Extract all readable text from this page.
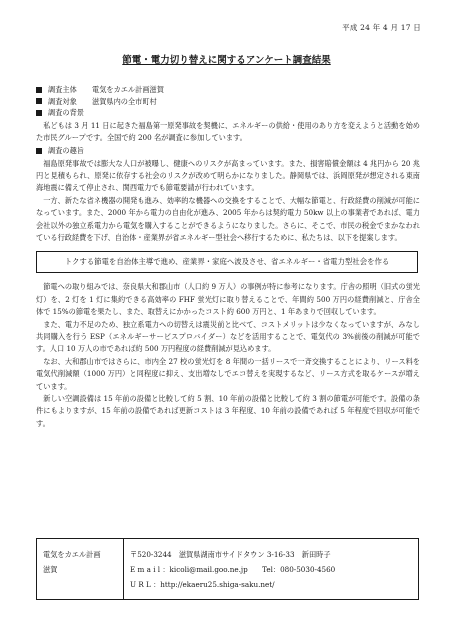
平成 24 年 4 月 17 日
節電・電力切り替えに関するアンケート調査結果
調査主体 電気をカエル計画滋賀
調査対象 滋賀県内の全市町村
調査の背景

私どもは 3 月 11 日に起きた福島第一原発事故を契機に、エネルギーの供給・使用のあり方を変えようと活動を始めた市民グループです。全国で約 200 名が調査に参加しています。

調査の趣旨

福島原発事故では膨大な人口が被曝し、健康へのリスクが高まっています。また、損害賠償金額は 4 兆円から 20 兆円と見積もられ、原発に依存する社会のリスクが改めて明らかになりました。静岡県では、浜岡原発が想定される東南海地震に備えて停止され、関西電力でも節電要請が行われています。

一方、新たな省ネ機器の開発も進み、効率的な機器への交換をすることで、大幅な節電と、行政経費の削減が可能になっています。また、2000 年から電力の自由化が進み、2005 年からは契約電力 50kw 以上の事業者であれば、電力会社以外の独立系電力から電気を購入することができるようになりました。さらに、そこで、市民の税金でまかなわれている行政経費を下げ、自治体・産業界が省エネルギー型社会へ移行するために、私たちは、以下を提案します。

トクする節電を自治体主導で進め、産業界・家庭へ波及させ、省エネルギー・省電力型社会を作る

節電への取り組みでは、奈良県大和郡山市（人口約 9 万人）の事例が特に参考になります。庁舎の照明（旧式の蛍光灯）を、2 灯を 1 灯に集約できる高効率の FHF 蛍光灯に取り替えることで、年間約 500 万円の経費削減と、庁舎全体で 15%の節電を果たし、また、取替えにかかったコスト約 600 万円と、1 年あまりで回収しています。

また、電力不足のため、独立系電力への切替えは震災前と比べて、コストメリットは少なくなっていますが、みなし共同購入を行う ESP（エネルギーサービスプロバイダー）などを活用することで、電気代の 3%前後の削減が可能です。人口 10 万人の市であれば約 500 万円程度の経費削減が見込めます。

なお、大和郡山市ではさらに、市内全 27 校の蛍光灯を 8 年間の一括リースで一斉交換することにより、リース料を電気代削減額（1000 万円）と同程度に抑え、支出増なしでエコ替えを実現するなど、リース方式を取るケースが増えています。

新しい空調設備は 15 年前の設備と比較して約 5 割、10 年前の設備と比較して約 3 割の節電が可能です。設備の条件にもよりますが、15 年前の設備であれば更新コストは 3 年程度、10 年前の設備であれば 5 年程度で回収が可能です。

電気をカエル計画
滋賀
〒520-3244　滋賀県湖南市サイドタウン 3-16-33　新田時子
E m a i l ：kicoli@mail.goo.ne.jp　　Tel：080-5030-4560
U R L ：http://ekaeru25.shiga-saku.net/
